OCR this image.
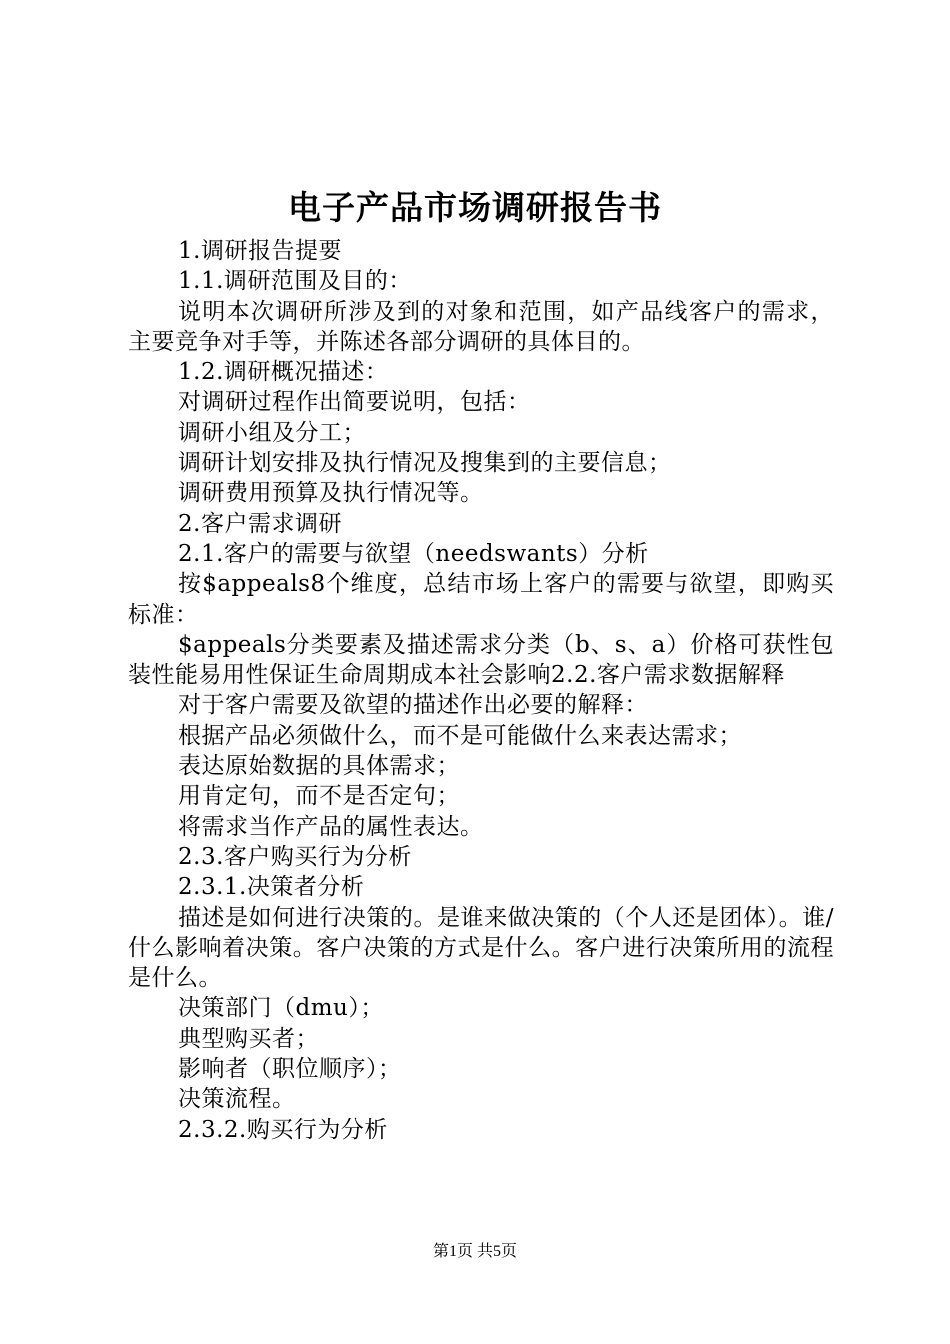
电子产品市场调研报告书

1.调研报告提要

1.1.调研范围及目的：

说明本次调研所涉及到的对象和范围，如产品线客户的需求，主要竞争对手等，并陈述各部分调研的具体目的。

1.2.调研概况描述：

对调研过程作出简要说明，包括：

调研小组及分工；

调研计划安排及执行情况及搜集到的主要信息；

调研费用预算及执行情况等。

2.客户需求调研

2.1.客户的需要与欲望（needswants）分析

按$appeals8个维度，总结市场上客户的需要与欲望，即购买标准：

$appeals分类要素及描述需求分类（b、s、a）价格可获性包装性能易用性保证生命周期成本社会影响2.2.客户需求数据解释

对于客户需要及欲望的描述作出必要的解释：

根据产品必须做什么，而不是可能做什么来表达需求；

表达原始数据的具体需求；

用肯定句，而不是否定句；

将需求当作产品的属性表达。

2.3.客户购买行为分析

2.3.1.决策者分析

描述是如何进行决策的。是谁来做决策的（个人还是团体）。谁/什么影响着决策。客户决策的方式是什么。客户进行决策所用的流程是什么。

决策部门（dmu）；

典型购买者；

影响者（职位顺序）；

决策流程。

2.3.2.购买行为分析

第1页 共5页
